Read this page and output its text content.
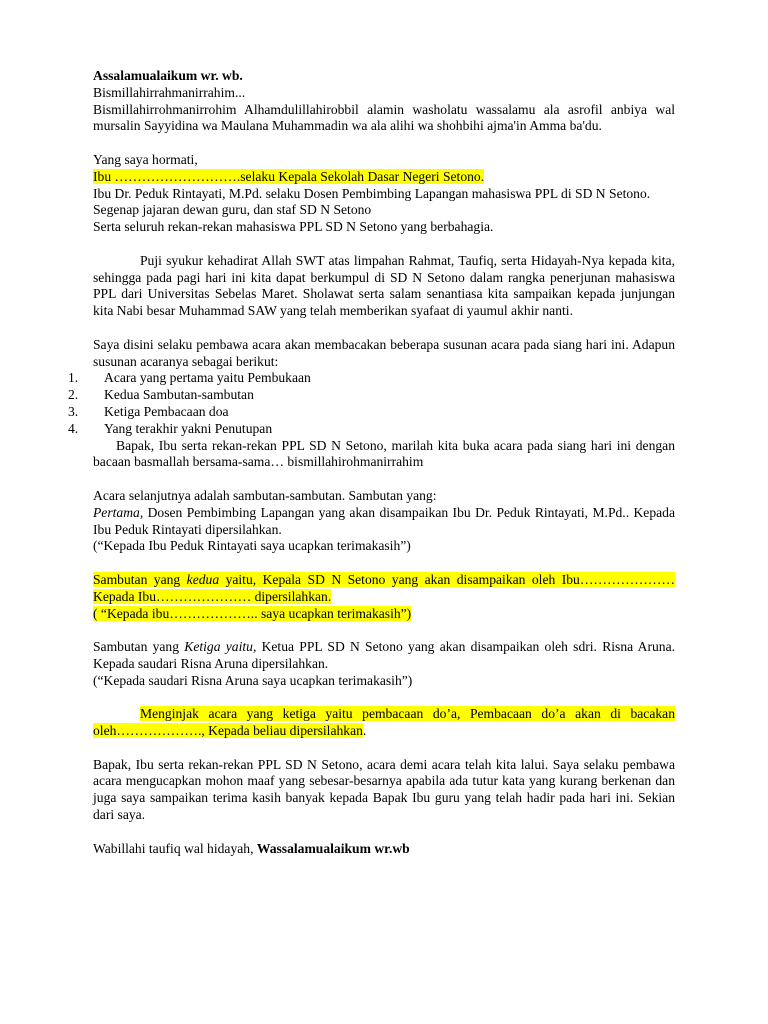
Assalamualaikum wr. wb.

Bismillahirrahmanirrahim...

Bismillahirrohmanirrohim Alhamdulillahirobbil alamin washolatu wassalamu ala asrofil anbiya wal mursalin Sayyidina wa Maulana Muhammadin wa ala alihi wa shohbihi ajma'in Amma ba'du.

Yang saya hormati,

Ibu ……………………….selaku Kepala Sekolah Dasar Negeri Setono.

Ibu Dr. Peduk Rintayati, M.Pd. selaku Dosen Pembimbing Lapangan mahasiswa PPL di SD N Setono.

Segenap jajaran dewan guru, dan staf SD N Setono

Serta seluruh rekan-rekan mahasiswa PPL SD N Setono yang berbahagia.

Puji syukur kehadirat Allah SWT atas limpahan Rahmat, Taufiq, serta Hidayah-Nya kepada kita, sehingga pada pagi hari ini kita dapat berkumpul di SD N Setono dalam rangka penerjunan mahasiswa PPL dari Universitas Sebelas Maret. Sholawat serta salam senantiasa kita sampaikan kepada junjungan kita Nabi besar Muhammad SAW yang telah memberikan syafaat di yaumul akhir nanti.

Saya disini selaku pembawa acara akan membacakan beberapa susunan acara pada siang hari ini. Adapun susunan acaranya sebagai berikut:

1. Acara yang pertama yaitu Pembukaan
2. Kedua Sambutan-sambutan
3. Ketiga Pembacaan doa
4. Yang terakhir yakni Penutupan

Bapak, Ibu serta rekan-rekan PPL SD N Setono, marilah kita buka acara pada siang hari ini dengan bacaan basmallah bersama-sama… bismillahirohmanirrahim

Acara selanjutnya adalah sambutan-sambutan. Sambutan yang:

Pertama, Dosen Pembimbing Lapangan yang akan disampaikan Ibu Dr. Peduk Rintayati, M.Pd.. Kepada Ibu Peduk Rintayati dipersilahkan.

(“Kepada Ibu Peduk Rintayati saya ucapkan terimakasih”)

Sambutan yang kedua yaitu, Kepala SD N Setono yang akan disampaikan oleh Ibu…………………Kepada Ibu………………… dipersilahkan.

( “Kepada ibu……………….. saya ucapkan terimakasih”)

Sambutan yang Ketiga yaitu, Ketua PPL SD N Setono yang akan disampaikan oleh sdri. Risna Aruna. Kepada saudari Risna Aruna dipersilahkan.

(“Kepada saudari Risna Aruna saya ucapkan terimakasih”)

Menginjak acara yang ketiga yaitu pembacaan do’a, Pembacaan do’a akan di bacakan oleh………………., Kepada beliau dipersilahkan.

Bapak, Ibu serta rekan-rekan PPL SD N Setono, acara demi acara telah kita lalui. Saya selaku pembawa acara mengucapkan mohon maaf yang sebesar-besarnya apabila ada tutur kata yang kurang berkenan dan juga saya sampaikan terima kasih banyak kepada Bapak Ibu guru yang telah hadir pada hari ini. Sekian dari saya.

Wabillahi taufiq wal hidayah, Wassalamualaikum wr.wb
